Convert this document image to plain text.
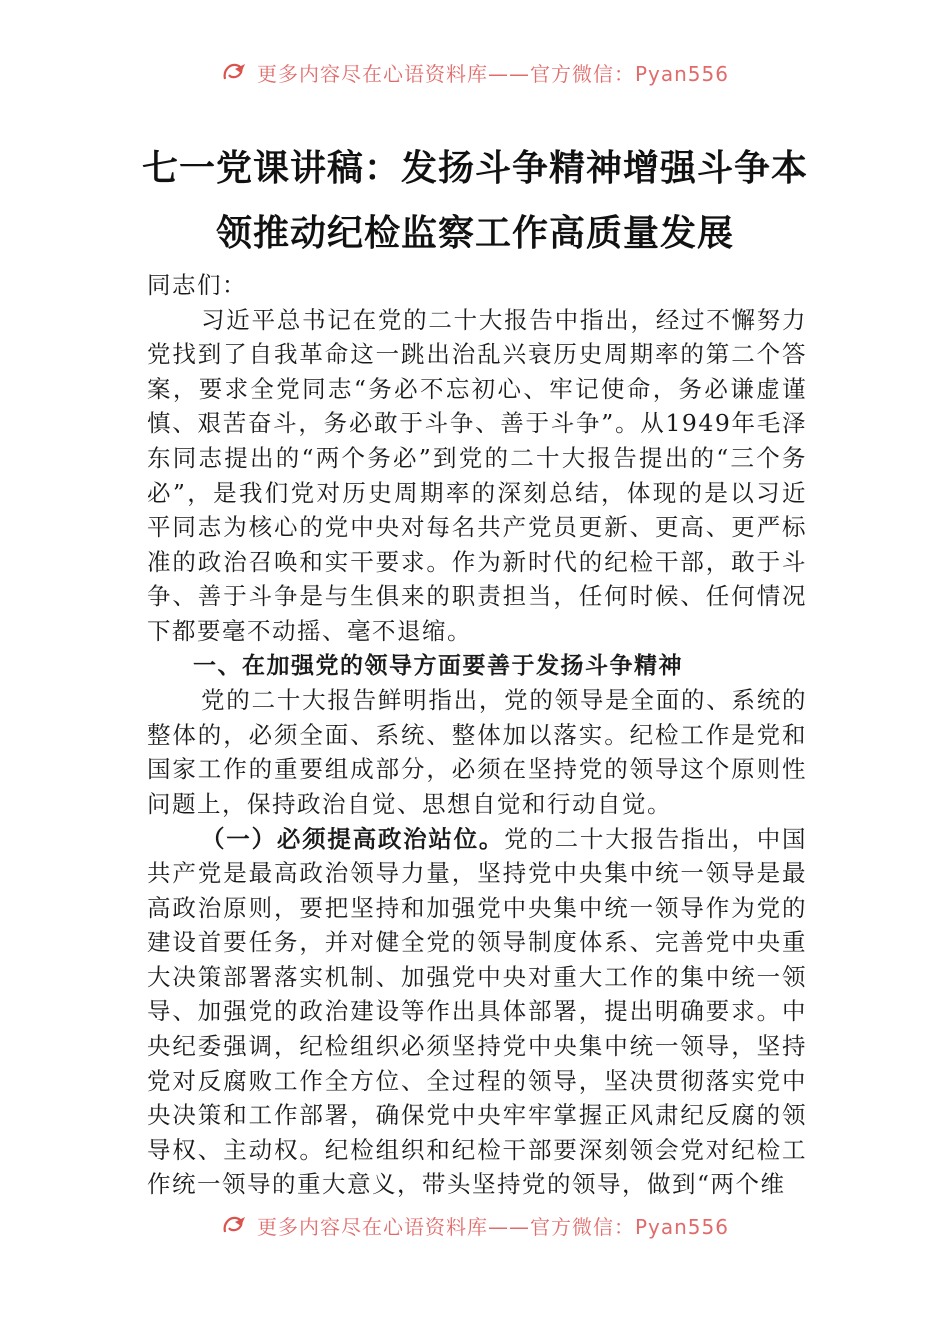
更多内容尽在心语资料库——官方微信：Pyan556
七一党课讲稿：发扬斗争精神增强斗争本
领推动纪检监察工作高质量发展

同志们：

习近平总书记在党的二十大报告中指出，经过不懈努力党找到了自我革命这一跳出治乱兴衰历史周期率的第二个答案，要求全党同志“务必不忘初心、牢记使命，务必谦虚谨慎、艰苦奋斗，务必敢于斗争、善于斗争”。从1949年毛泽东同志提出的“两个务必”到党的二十大报告提出的“三个务必”，是我们党对历史周期率的深刻总结，体现的是以习近平同志为核心的党中央对每名共产党员更新、更高、更严标准的政治召唤和实干要求。作为新时代的纪检干部，敢于斗争、善于斗争是与生俱来的职责担当，任何时候、任何情况下都要毫不动摇、毫不退缩。

一、在加强党的领导方面要善于发扬斗争精神

党的二十大报告鲜明指出，党的领导是全面的、系统的整体的，必须全面、系统、整体加以落实。纪检工作是党和国家工作的重要组成部分，必须在坚持党的领导这个原则性问题上，保持政治自觉、思想自觉和行动自觉。

（一）必须提高政治站位。党的二十大报告指出，中国共产党是最高政治领导力量，坚持党中央集中统一领导是最高政治原则，要把坚持和加强党中央集中统一领导作为党的建设首要任务，并对健全党的领导制度体系、完善党中央重大决策部署落实机制、加强党中央对重大工作的集中统一领导、加强党的政治建设等作出具体部署，提出明确要求。中央纪委强调，纪检组织必须坚持党中央集中统一领导，坚持党对反腐败工作全方位、全过程的领导，坚决贯彻落实党中央决策和工作部署，确保党中央牢牢掌握正风肃纪反腐的领导权、主动权。纪检组织和纪检干部要深刻领会党对纪检工作统一领导的重大意义，带头坚持党的领导，做到“两个维

更多内容尽在心语资料库——官方微信：Pyan556
